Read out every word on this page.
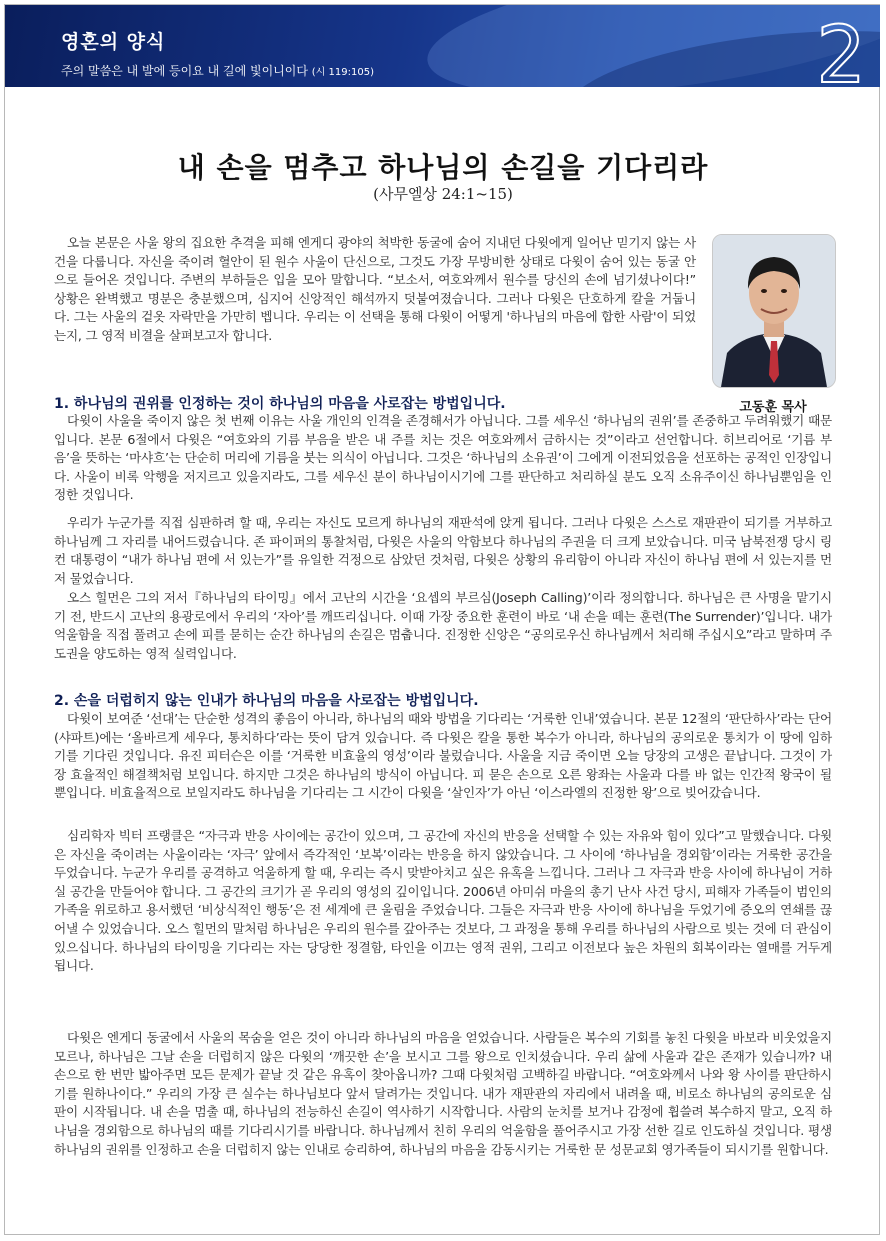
영혼의 양식
주의 말씀은 내 발에 등이요 내 길에 빛이니이다 (시 119:105)	2
내 손을 멈추고 하나님의 손길을 기다리라
(사무엘상 24:1~15)
고동훈 목사

오늘 본문은 사울 왕의 집요한 추격을 피해 엔게디 광야의 척박한 동굴에 숨어 지내던 다윗에게 일어난 믿기지 않는 사건을 다룹니다. 자신을 죽이려 혈안이 된 원수 사울이 단신으로, 그것도 가장 무방비한 상태로 다윗이 숨어 있는 동굴 안으로 들어온 것입니다. 주변의 부하들은 입을 모아 말합니다. “보소서, 여호와께서 원수를 당신의 손에 넘기셨나이다!” 상황은 완벽했고 명분은 충분했으며, 심지어 신앙적인 해석까지 덧붙여졌습니다. 그러나 다윗은 단호하게 칼을 거둡니다. 그는 사울의 겉옷 자락만을 가만히 벱니다. 우리는 이 선택을 통해 다윗이 어떻게 '하나님의 마음에 합한 사람'이 되었는지, 그 영적 비결을 살펴보고자 합니다.

1. 하나님의 권위를 인정하는 것이 하나님의 마음을 사로잡는 방법입니다.

다윗이 사울을 죽이지 않은 첫 번째 이유는 사울 개인의 인격을 존경해서가 아닙니다. 그를 세우신 ‘하나님의 권위’를 존중하고 두려워했기 때문입니다. 본문 6절에서 다윗은 “여호와의 기름 부음을 받은 내 주를 치는 것은 여호와께서 금하시는 것”이라고 선언합니다. 히브리어로 ‘기름 부음’을 뜻하는 ‘마샤흐’는 단순히 머리에 기름을 붓는 의식이 아닙니다. 그것은 ‘하나님의 소유권’이 그에게 이전되었음을 선포하는 공적인 인장입니다. 사울이 비록 악행을 저지르고 있을지라도, 그를 세우신 분이 하나님이시기에 그를 판단하고 처리하실 분도 오직 소유주이신 하나님뿐임을 인정한 것입니다.

우리가 누군가를 직접 심판하려 할 때, 우리는 자신도 모르게 하나님의 재판석에 앉게 됩니다. 그러나 다윗은 스스로 재판관이 되기를 거부하고 하나님께 그 자리를 내어드렸습니다. 존 파이퍼의 통찰처럼, 다윗은 사울의 악함보다 하나님의 주권을 더 크게 보았습니다. 미국 남북전쟁 당시 링컨 대통령이 “내가 하나님 편에 서 있는가”를 유일한 걱정으로 삼았던 것처럼, 다윗은 상황의 유리함이 아니라 자신이 하나님 편에 서 있는지를 먼저 물었습니다.

오스 힐먼은 그의 저서『하나님의 타이밍』에서 고난의 시간을 ‘요셉의 부르심(Joseph Calling)’이라 정의합니다. 하나님은 큰 사명을 맡기시기 전, 반드시 고난의 용광로에서 우리의 ‘자아’를 깨뜨리십니다. 이때 가장 중요한 훈련이 바로 ‘내 손을 떼는 훈련(The Surrender)’입니다. 내가 억울함을 직접 풀려고 손에 피를 묻히는 순간 하나님의 손길은 멈춥니다. 진정한 신앙은 “공의로우신 하나님께서 처리해 주십시오”라고 말하며 주도권을 양도하는 영적 실력입니다.

2. 손을 더럽히지 않는 인내가 하나님의 마음을 사로잡는 방법입니다.

다윗이 보여준 ‘선대’는 단순한 성격의 좋음이 아니라, 하나님의 때와 방법을 기다리는 ‘거룩한 인내’였습니다. 본문 12절의 ‘판단하사’라는 단어(샤파트)에는 ‘올바르게 세우다, 통치하다’라는 뜻이 담겨 있습니다. 즉 다윗은 칼을 통한 복수가 아니라, 하나님의 공의로운 통치가 이 땅에 임하기를 기다린 것입니다. 유진 피터슨은 이를 ‘거룩한 비효율의 영성’이라 불렀습니다. 사울을 지금 죽이면 오늘 당장의 고생은 끝납니다. 그것이 가장 효율적인 해결책처럼 보입니다. 하지만 그것은 하나님의 방식이 아닙니다. 피 묻은 손으로 오른 왕좌는 사울과 다를 바 없는 인간적 왕국이 될 뿐입니다. 비효율적으로 보일지라도 하나님을 기다리는 그 시간이 다윗을 ‘살인자’가 아닌 ‘이스라엘의 진정한 왕’으로 빚어갔습니다.

심리학자 빅터 프랭클은 “자극과 반응 사이에는 공간이 있으며, 그 공간에 자신의 반응을 선택할 수 있는 자유와 힘이 있다”고 말했습니다. 다윗은 자신을 죽이려는 사울이라는 ‘자극’ 앞에서 즉각적인 ‘보복’이라는 반응을 하지 않았습니다. 그 사이에 ‘하나님을 경외함’이라는 거룩한 공간을 두었습니다. 누군가 우리를 공격하고 억울하게 할 때, 우리는 즉시 맞받아치고 싶은 유혹을 느낍니다. 그러나 그 자극과 반응 사이에 하나님이 거하실 공간을 만들어야 합니다. 그 공간의 크기가 곧 우리의 영성의 깊이입니다. 2006년 아미쉬 마을의 총기 난사 사건 당시, 피해자 가족들이 범인의 가족을 위로하고 용서했던 ‘비상식적인 행동’은 전 세계에 큰 울림을 주었습니다. 그들은 자극과 반응 사이에 하나님을 두었기에 증오의 연쇄를 끊어낼 수 있었습니다. 오스 힐먼의 말처럼 하나님은 우리의 원수를 갚아주는 것보다, 그 과정을 통해 우리를 하나님의 사람으로 빚는 것에 더 관심이 있으십니다. 하나님의 타이밍을 기다리는 자는 당당한 정결함, 타인을 이끄는 영적 권위, 그리고 이전보다 높은 차원의 회복이라는 열매를 거두게 됩니다.

다윗은 엔게디 동굴에서 사울의 목숨을 얻은 것이 아니라 하나님의 마음을 얻었습니다. 사람들은 복수의 기회를 놓친 다윗을 바보라 비웃었을지 모르나, 하나님은 그날 손을 더럽히지 않은 다윗의 ‘깨끗한 손’을 보시고 그를 왕으로 인치셨습니다. 우리 삶에 사울과 같은 존재가 있습니까? 내 손으로 한 번만 밟아주면 모든 문제가 끝날 것 같은 유혹이 찾아옵니까? 그때 다윗처럼 고백하길 바랍니다. “여호와께서 나와 왕 사이를 판단하시기를 원하나이다.” 우리의 가장 큰 실수는 하나님보다 앞서 달려가는 것입니다. 내가 재판관의 자리에서 내려올 때, 비로소 하나님의 공의로운 심판이 시작됩니다. 내 손을 멈출 때, 하나님의 전능하신 손길이 역사하기 시작합니다. 사람의 눈치를 보거나 감정에 휩쓸려 복수하지 말고, 오직 하나님을 경외함으로 하나님의 때를 기다리시기를 바랍니다. 하나님께서 친히 우리의 억울함을 풀어주시고 가장 선한 길로 인도하실 것입니다. 평생 하나님의 권위를 인정하고 손을 더럽히지 않는 인내로 승리하여, 하나님의 마음을 감동시키는 거룩한 문 성문교회 영가족들이 되시기를 원합니다.
